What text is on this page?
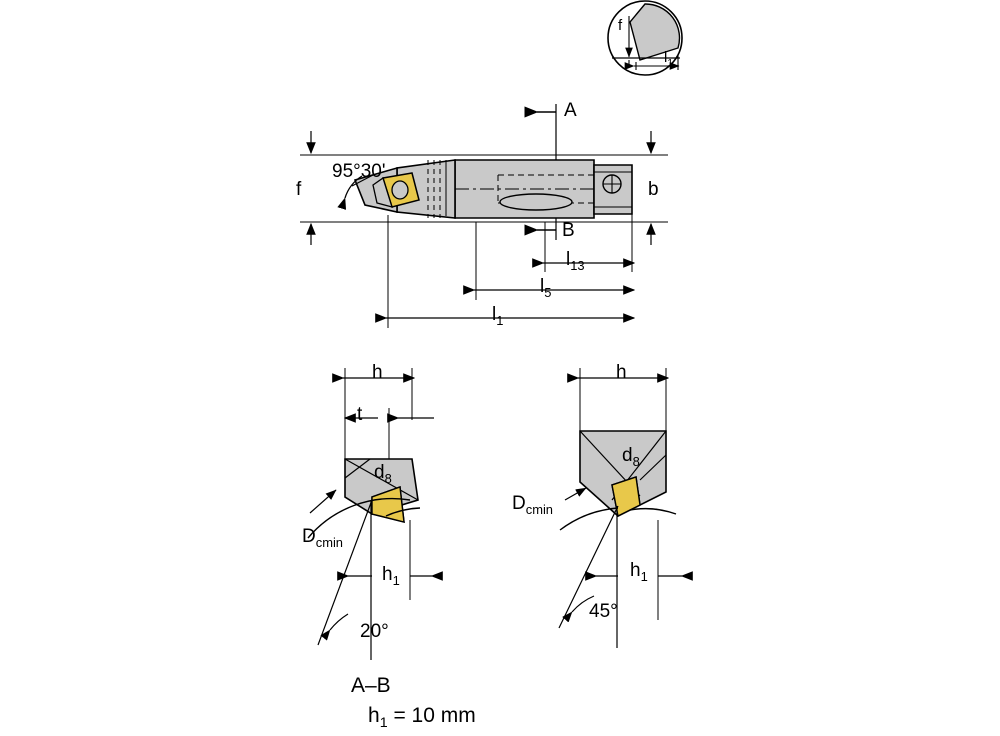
f
$l_1$
A
B
95°30'
f	b
$l_{13}$
$l_5$
$l_1$
h
t
$d_8$
$D_{cmin}$
$h_1$
20°
h
$d_8$
$D_{cmin}$
$h_1$
45°
A–B
$h_1 = 10$ mm
